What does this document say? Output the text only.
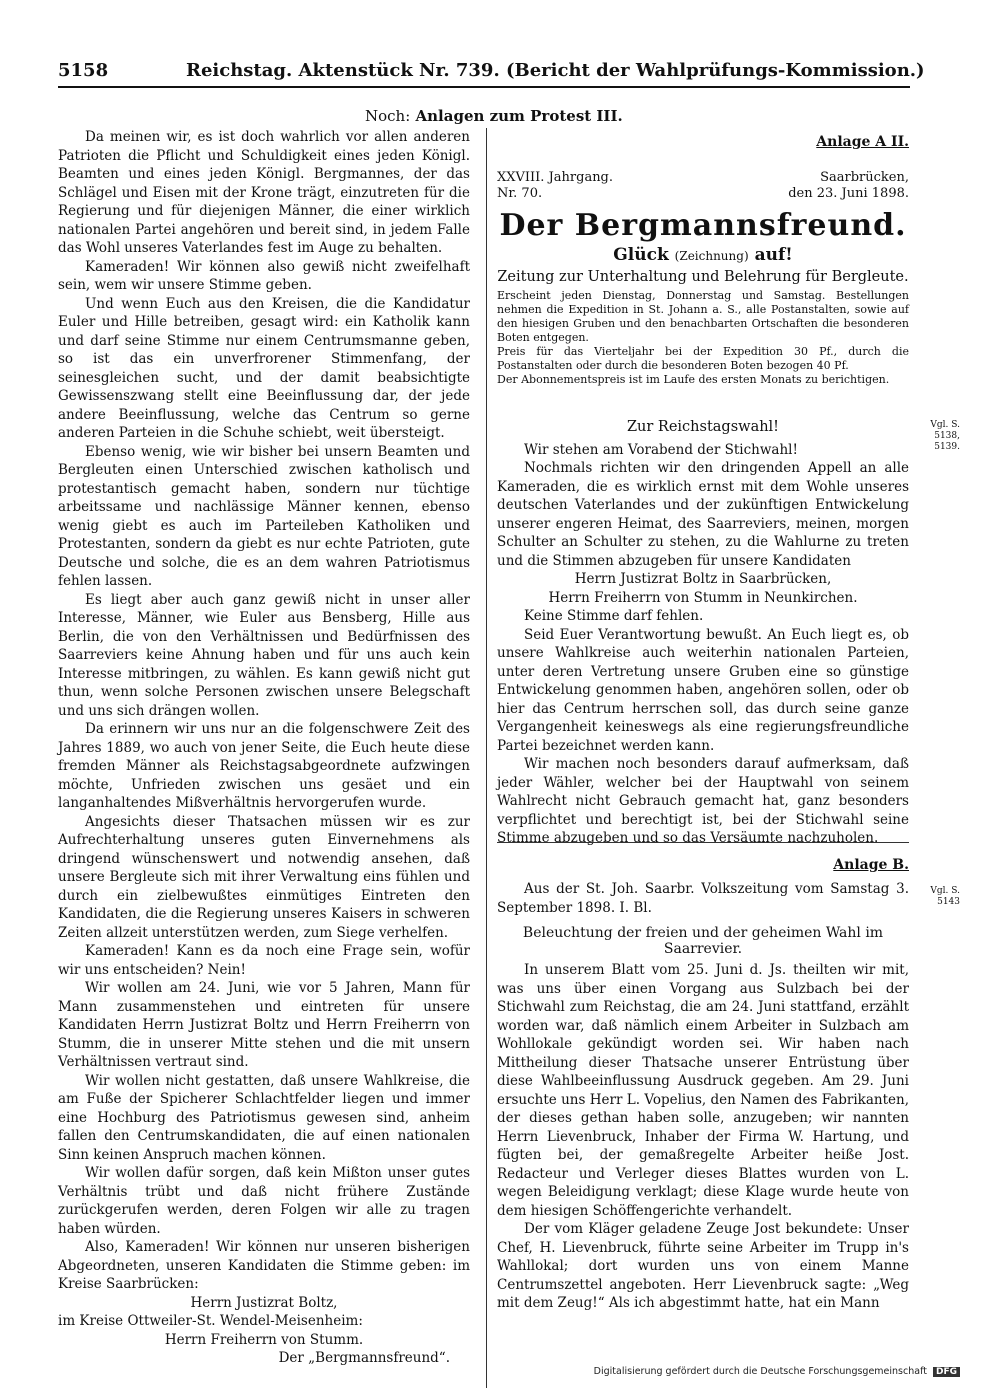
5158	Reichstag. Aktenstück Nr. 739. (Bericht der Wahlprüfungs-Kommission.)
Noch: Anlagen zum Protest III.

Da meinen wir, es ist doch wahrlich vor allen anderen Patrioten die Pflicht und Schuldigkeit eines jeden Königl. Beamten und eines jeden Königl. Bergmannes, der das Schlägel und Eisen mit der Krone trägt, einzutreten für die Regierung und für diejenigen Männer, die einer wirklich nationalen Partei angehören und bereit sind, in jedem Falle das Wohl unseres Vaterlandes fest im Auge zu behalten.

Kameraden! Wir können also gewiß nicht zweifelhaft sein, wem wir unsere Stimme geben.

Und wenn Euch aus den Kreisen, die die Kandidatur Euler und Hille betreiben, gesagt wird: ein Katholik kann und darf seine Stimme nur einem Centrumsmanne geben, so ist das ein unverfrorener Stimmenfang, der seinesgleichen sucht, und der damit beabsichtigte Gewissenszwang stellt eine Beeinflussung dar, der jede andere Beeinflussung, welche das Centrum so gerne anderen Parteien in die Schuhe schiebt, weit übersteigt.

Ebenso wenig, wie wir bisher bei unsern Beamten und Bergleuten einen Unterschied zwischen katholisch und protestantisch gemacht haben, sondern nur tüchtige arbeitssame und nachlässige Männer kennen, ebenso wenig giebt es auch im Parteileben Katholiken und Protestanten, sondern da giebt es nur echte Patrioten, gute Deutsche und solche, die es an dem wahren Patriotismus fehlen lassen.

Es liegt aber auch ganz gewiß nicht in unser aller Interesse, Männer, wie Euler aus Bensberg, Hille aus Berlin, die von den Verhältnissen und Bedürfnissen des Saarreviers keine Ahnung haben und für uns auch kein Interesse mitbringen, zu wählen. Es kann gewiß nicht gut thun, wenn solche Personen zwischen unsere Belegschaft und uns sich drängen wollen.

Da erinnern wir uns nur an die folgenschwere Zeit des Jahres 1889, wo auch von jener Seite, die Euch heute diese fremden Männer als Reichstagsabgeordnete aufzwingen möchte, Unfrieden zwischen uns gesäet und ein langanhaltendes Mißverhältnis hervorgerufen wurde.

Angesichts dieser Thatsachen müssen wir es zur Aufrechterhaltung unseres guten Einvernehmens als dringend wünschenswert und notwendig ansehen, daß unsere Bergleute sich mit ihrer Verwaltung eins fühlen und durch ein zielbewußtes einmütiges Eintreten den Kandidaten, die die Regierung unseres Kaisers in schweren Zeiten allzeit unterstützen werden, zum Siege verhelfen.

Kameraden! Kann es da noch eine Frage sein, wofür wir uns entscheiden? Nein!

Wir wollen am 24. Juni, wie vor 5 Jahren, Mann für Mann zusammenstehen und eintreten für unsere Kandidaten Herrn Justizrat Boltz und Herrn Freiherrn von Stumm, die in unserer Mitte stehen und die mit unsern Verhältnissen vertraut sind.

Wir wollen nicht gestatten, daß unsere Wahlkreise, die am Fuße der Spicherer Schlachtfelder liegen und immer eine Hochburg des Patriotismus gewesen sind, anheim fallen den Centrumskandidaten, die auf einen nationalen Sinn keinen Anspruch machen können.

Wir wollen dafür sorgen, daß kein Mißton unser gutes Verhältnis trübt und daß nicht frühere Zustände zurückgerufen werden, deren Folgen wir alle zu tragen haben würden.

Also, Kameraden! Wir können nur unseren bisherigen Abgeordneten, unseren Kandidaten die Stimme geben: im Kreise Saarbrücken:

Herrn Justizrat Boltz,

im Kreise Ottweiler-St. Wendel-Meisenheim:

Herrn Freiherrn von Stumm.

Der „Bergmannsfreund“.

Anlage A II.
XXVIII. Jahrgang.	Saarbrücken,
Nr. 70.	den 23. Juni 1898.
Der Bergmannsfreund.
Glück (Zeichnung) auf!
Zeitung zur Unterhaltung und Belehrung für Bergleute.

Erscheint jeden Dienstag, Donnerstag und Samstag. Bestellungen nehmen die Expedition in St. Johann a. S., alle Postanstalten, sowie auf den hiesigen Gruben und den benachbarten Ortschaften die besonderen Boten entgegen.

Preis für das Vierteljahr bei der Expedition 30 Pf., durch die Postanstalten oder durch die besonderen Boten bezogen 40 Pf.

Der Abonnementspreis ist im Laufe des ersten Monats zu berichtigen.

Zur Reichstagswahl!

Wir stehen am Vorabend der Stichwahl!

Nochmals richten wir den dringenden Appell an alle Kameraden, die es wirklich ernst mit dem Wohle unseres deutschen Vaterlandes und der zukünftigen Entwickelung unserer engeren Heimat, des Saarreviers, meinen, morgen Schulter an Schulter zu stehen, zu die Wahlurne zu treten und die Stimmen abzugeben für unsere Kandidaten

Herrn Justizrat Boltz in Saarbrücken,

Herrn Freiherrn von Stumm in Neunkirchen.

Keine Stimme darf fehlen.

Seid Euer Verantwortung bewußt. An Euch liegt es, ob unsere Wahlkreise auch weiterhin nationalen Parteien, unter deren Vertretung unsere Gruben eine so günstige Entwickelung genommen haben, angehören sollen, oder ob hier das Centrum herrschen soll, das durch seine ganze Vergangenheit keineswegs als eine regierungsfreundliche Partei bezeichnet werden kann.

Wir machen noch besonders darauf aufmerksam, daß jeder Wähler, welcher bei der Hauptwahl von seinem Wahlrecht nicht Gebrauch gemacht hat, ganz besonders verpflichtet und berechtigt ist, bei der Stichwahl seine Stimme abzugeben und so das Versäumte nachzuholen.

Vgl. S. 5138, 5139.
Anlage B.

Aus der St. Joh. Saarbr. Volkszeitung vom Samstag 3. September 1898. I. Bl.

Beleuchtung der freien und der geheimen Wahl im Saarrevier.

In unserem Blatt vom 25. Juni d. Js. theilten wir mit, was uns über einen Vorgang aus Sulzbach bei der Stichwahl zum Reichstag, die am 24. Juni stattfand, erzählt worden war, daß nämlich einem Arbeiter in Sulzbach am Wohllokale gekündigt worden sei. Wir haben nach Mittheilung dieser Thatsache unserer Entrüstung über diese Wahlbeeinflussung Ausdruck gegeben. Am 29. Juni ersuchte uns Herr L. Vopelius, den Namen des Fabrikanten, der dieses gethan haben solle, anzugeben; wir nannten Herrn Lievenbruck, Inhaber der Firma W. Hartung, und fügten bei, der gemaßregelte Arbeiter heiße Jost. Redacteur und Verleger dieses Blattes wurden von L. wegen Beleidigung verklagt; diese Klage wurde heute von dem hiesigen Schöffengerichte verhandelt.

Der vom Kläger geladene Zeuge Jost bekundete: Unser Chef, H. Lievenbruck, führte seine Arbeiter im Trupp in's Wahllokal; dort wurden uns von einem Manne Centrumszettel angeboten. Herr Lievenbruck sagte: „Weg mit dem Zeug!“ Als ich abgestimmt hatte, hat ein Mann

Vgl. S. 5143
Digitalisierung gefördert durch die Deutsche Forschungsgemeinschaft	DFG
